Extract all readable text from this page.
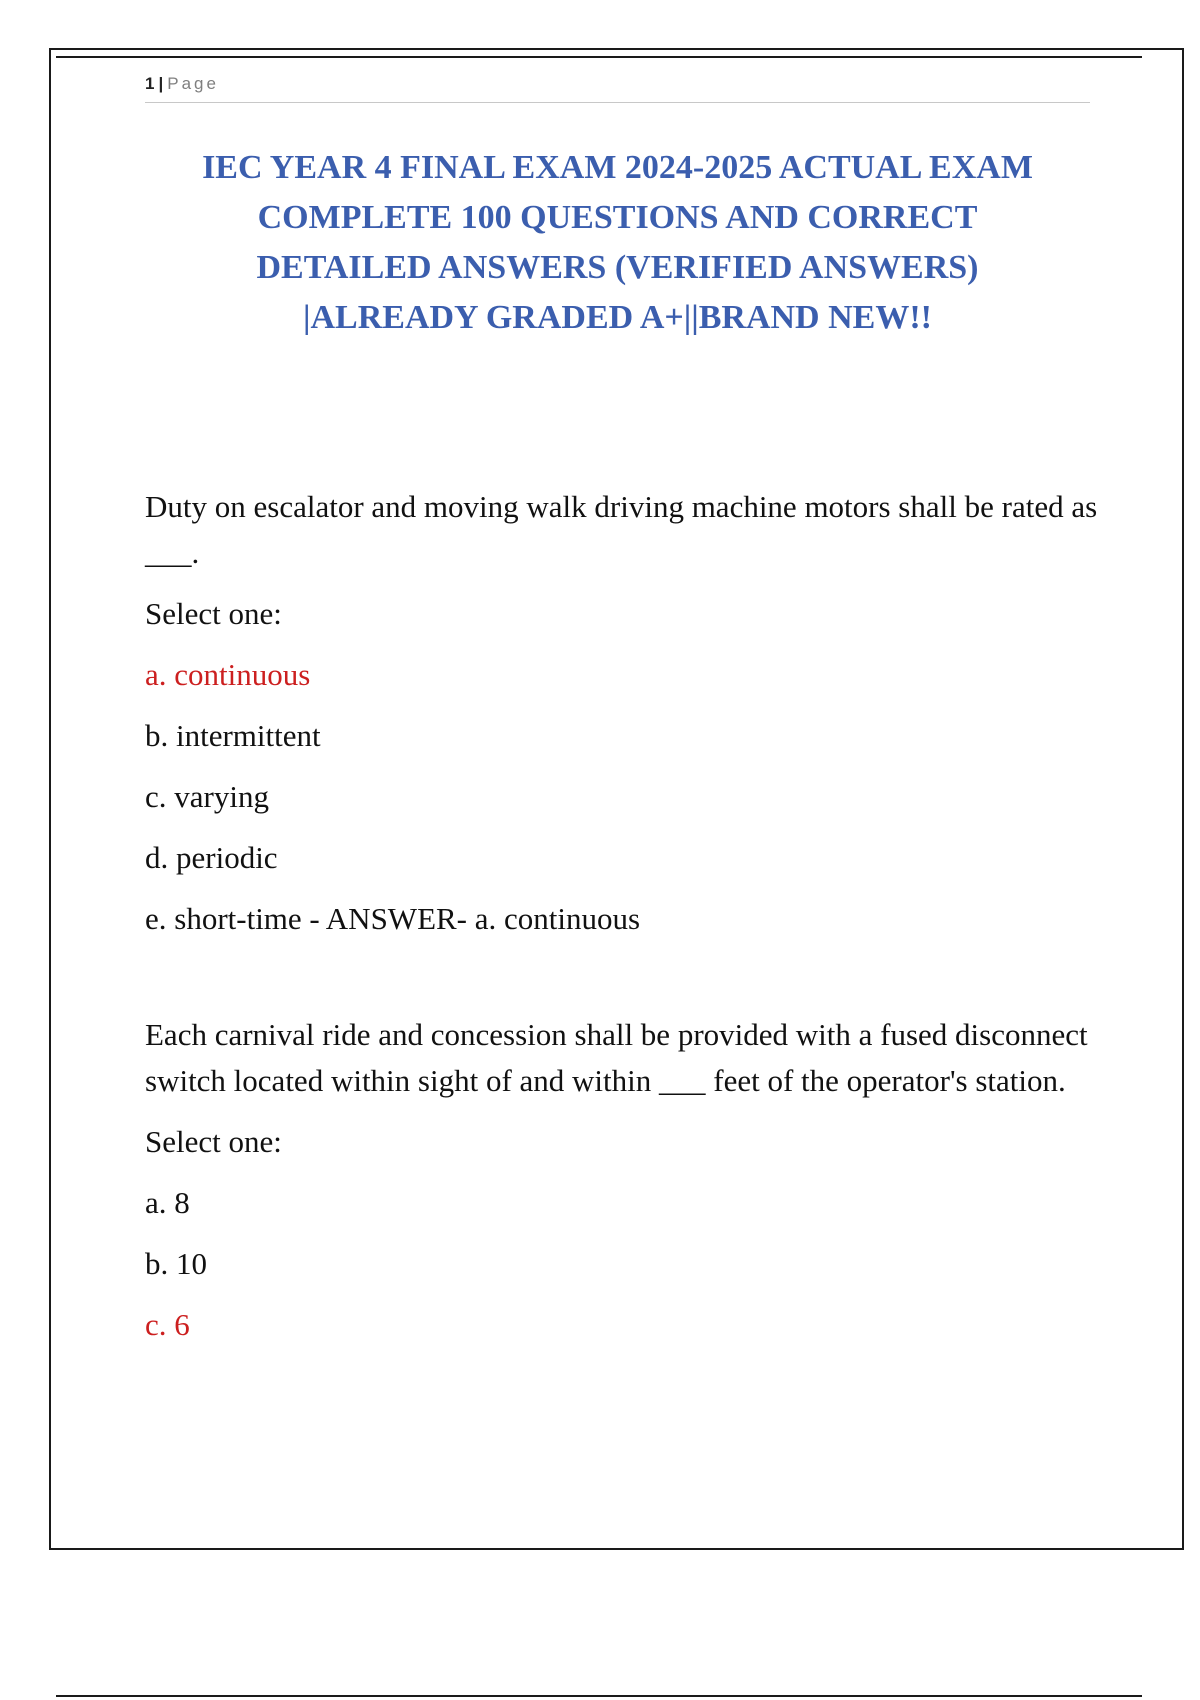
1 | Page
IEC YEAR 4 FINAL EXAM 2024-2025 ACTUAL EXAM
COMPLETE 100 QUESTIONS AND CORRECT
DETAILED ANSWERS (VERIFIED ANSWERS)
|ALREADY GRADED A+||BRAND NEW!!

Duty on escalator and moving walk driving machine motors shall be rated as ___.

Select one:

a. continuous

b. intermittent

c. varying

d. periodic

e. short-time - ANSWER- a. continuous

Each carnival ride and concession shall be provided with a fused disconnect switch located within sight of and within ___ feet of the operator's station.

Select one:

a. 8

b. 10

c. 6
